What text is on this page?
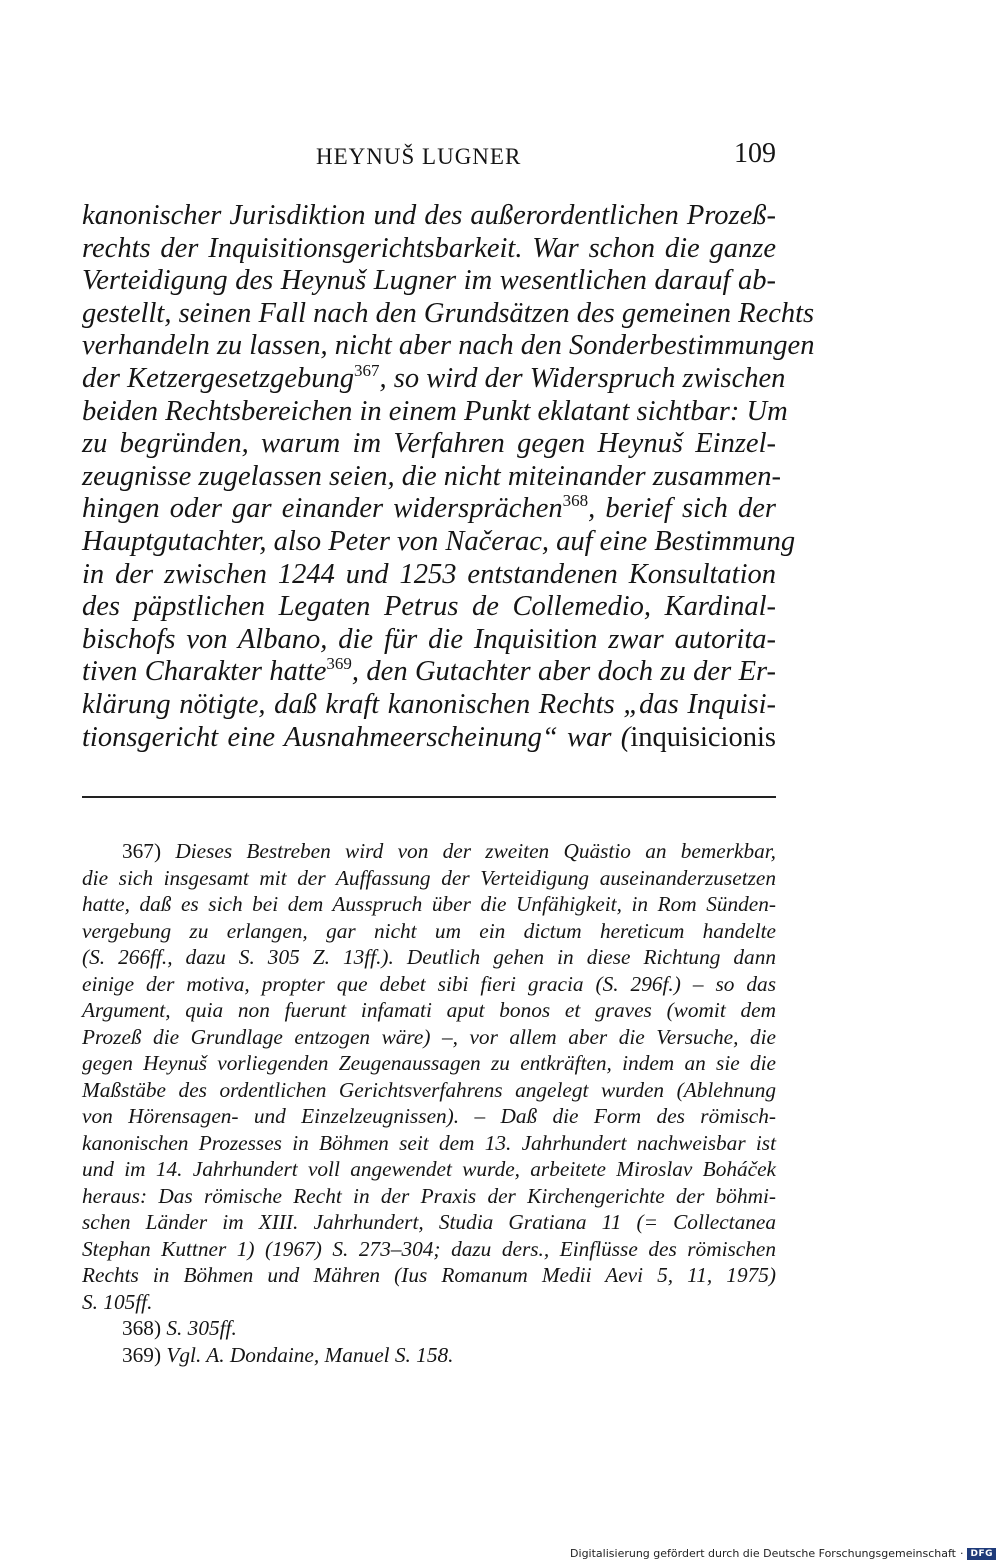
HEYNUŠ LUGNER	109
kanonischer Jurisdiktion und des außerordentlichen Prozeß-
rechts der Inquisitionsgerichtsbarkeit. War schon die ganze
Verteidigung des Heynuš Lugner im wesentlichen darauf ab-
gestellt, seinen Fall nach den Grundsätzen des gemeinen Rechts
verhandeln zu lassen, nicht aber nach den Sonderbestimmungen
der Ketzergesetzgebung$^{367}$, so wird der Widerspruch zwischen
beiden Rechtsbereichen in einem Punkt eklatant sichtbar: Um
zu begründen, warum im Verfahren gegen Heynuš Einzel-
zeugnisse zugelassen seien, die nicht miteinander zusammen-
hingen oder gar einander widersprächen$^{368}$, berief sich der
Hauptgutachter, also Peter von Načerac, auf eine Bestimmung
in der zwischen 1244 und 1253 entstandenen Konsultation
des päpstlichen Legaten Petrus de Collemedio, Kardinal-
bischofs von Albano, die für die Inquisition zwar autorita-
tiven Charakter hatte$^{369}$, den Gutachter aber doch zu der Er-
klärung nötigte, daß kraft kanonischen Rechts „das Inquisi-
tionsgericht eine Ausnahmeerscheinung“ war (inquisicionis
367) Dieses Bestreben wird von der zweiten Quästio an bemerkbar,
die sich insgesamt mit der Auffassung der Verteidigung auseinanderzusetzen
hatte, daß es sich bei dem Ausspruch über die Unfähigkeit, in Rom Sünden-
vergebung zu erlangen, gar nicht um ein dictum hereticum handelte
(S. 266ff., dazu S. 305 Z. 13ff.). Deutlich gehen in diese Richtung dann
einige der motiva, propter que debet sibi fieri gracia (S. 296f.) – so das
Argument, quia non fuerunt infamati aput bonos et graves (womit dem
Prozeß die Grundlage entzogen wäre) –, vor allem aber die Versuche, die
gegen Heynuš vorliegenden Zeugenaussagen zu entkräften, indem an sie die
Maßstäbe des ordentlichen Gerichtsverfahrens angelegt wurden (Ablehnung
von Hörensagen- und Einzelzeugnissen). – Daß die Form des römisch-
kanonischen Prozesses in Böhmen seit dem 13. Jahrhundert nachweisbar ist
und im 14. Jahrhundert voll angewendet wurde, arbeitete Miroslav Boháček
heraus: Das römische Recht in der Praxis der Kirchengerichte der böhmi-
schen Länder im XIII. Jahrhundert, Studia Gratiana 11 (= Collectanea
Stephan Kuttner 1) (1967) S. 273–304; dazu ders., Einflüsse des römischen
Rechts in Böhmen und Mähren (Ius Romanum Medii Aevi 5, 11, 1975)
S. 105ff.
368) S. 305ff.
369) Vgl. A. Dondaine, Manuel S. 158.
Digitalisierung gefördert durch die Deutsche Forschungsgemeinschaft · DFG
